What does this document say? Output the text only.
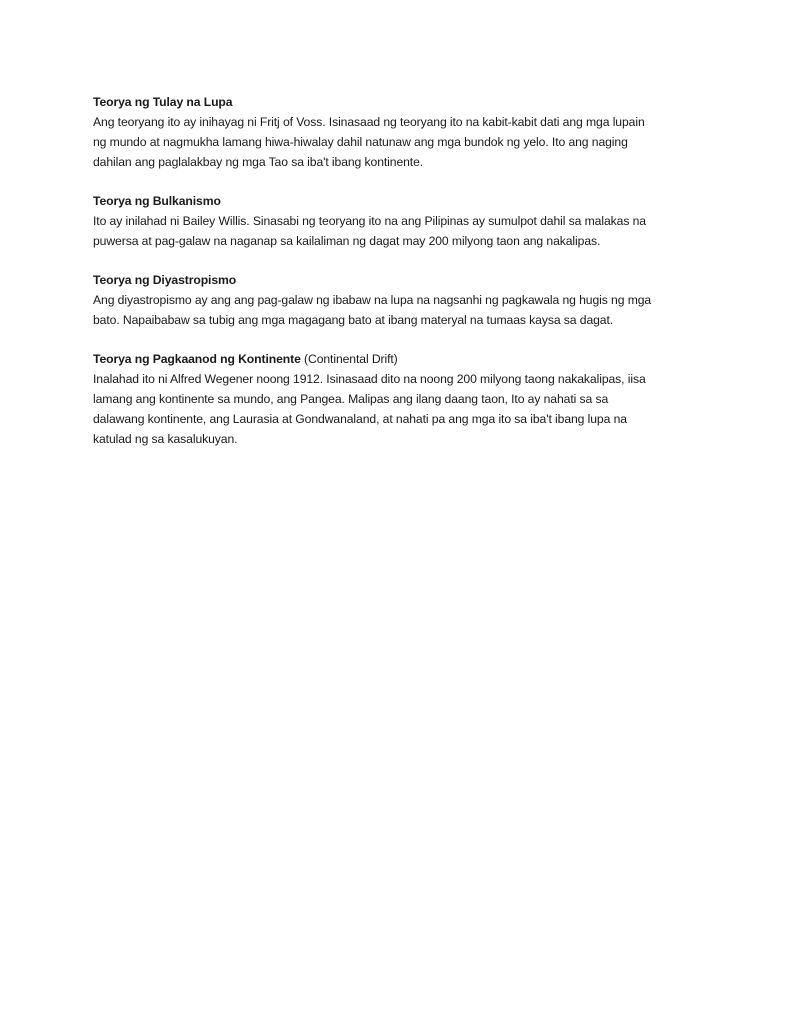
Teorya ng Tulay na Lupa

Ang teoryang ito ay inihayag ni Fritj of Voss. Isinasaad ng teoryang ito na kabit-kabit dati ang mga lupain
ng mundo at nagmukha lamang hiwa-hiwalay dahil natunaw ang mga bundok ng yelo. Ito ang naging
dahilan ang paglalakbay ng mga Tao sa iba't ibang kontinente.

Teorya ng Bulkanismo

Ito ay inilahad ni Bailey Willis. Sinasabi ng teoryang ito na ang Pilipinas ay sumulpot dahil sa malakas na
puwersa at pag-galaw na naganap sa kailaliman ng dagat may 200 milyong taon ang nakalipas.

Teorya ng Diyastropismo

Ang diyastropismo ay ang ang pag-galaw ng ibabaw na lupa na nagsanhi ng pagkawala ng hugis ng mga
bato. Napaibabaw sa tubig ang mga magagang bato at ibang materyal na tumaas kaysa sa dagat.

Teorya ng Pagkaanod ng Kontinente (Continental Drift)

Inalahad ito ni Alfred Wegener noong 1912. Isinasaad dito na noong 200 milyong taong nakakalipas, iisa
lamang ang kontinente sa mundo, ang Pangea. Malipas ang ilang daang taon, Ito ay nahati sa sa
dalawang kontinente, ang Laurasia at Gondwanaland, at nahati pa ang mga ito sa iba't ibang lupa na
katulad ng sa kasalukuyan.
